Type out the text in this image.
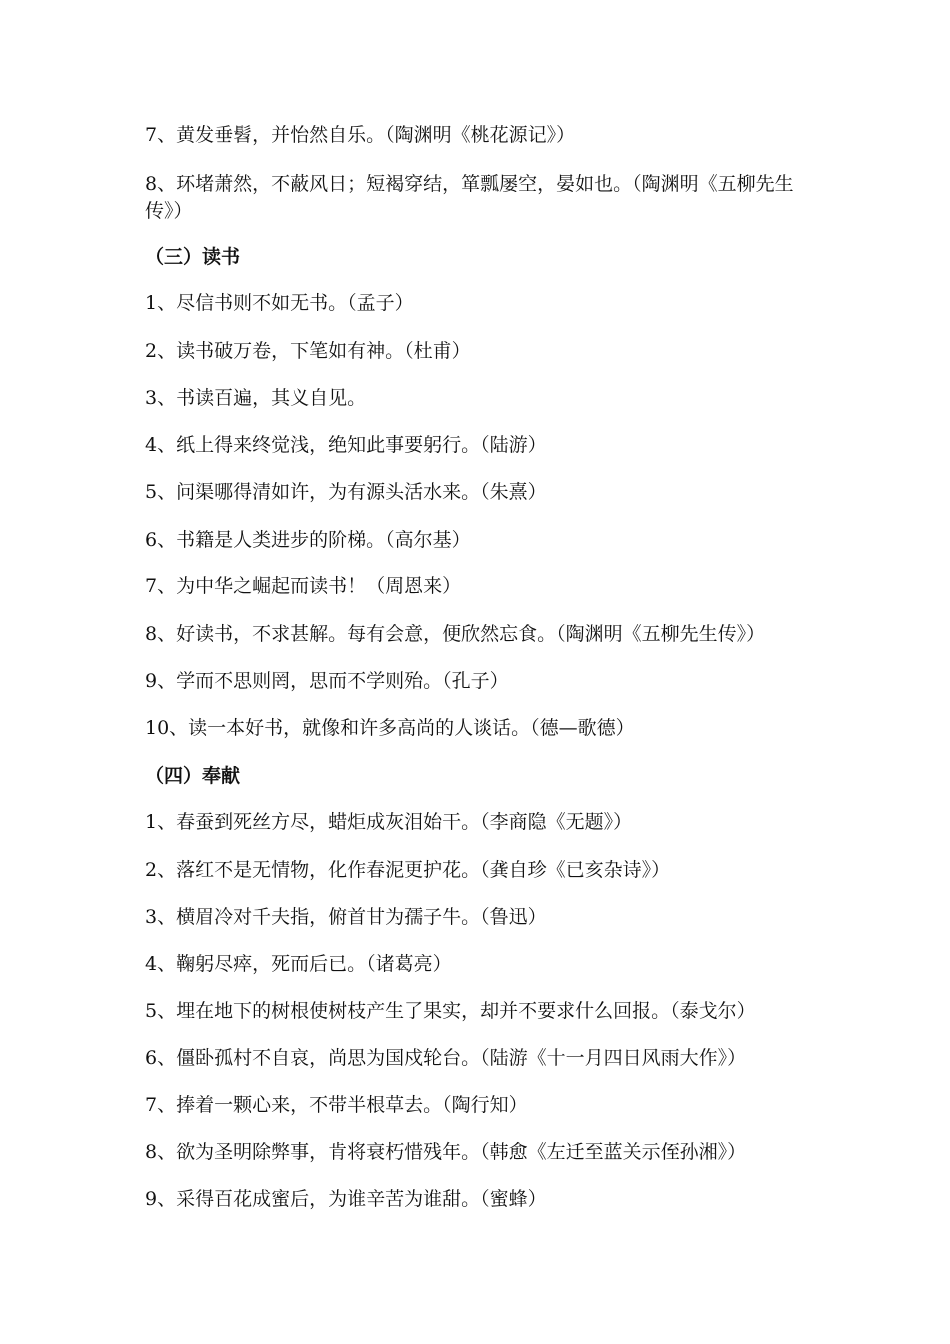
7、黄发垂髫，并怡然自乐。（陶渊明《桃花源记》）
8、环堵萧然，不蔽风日；短褐穿结，箪瓢屡空，晏如也。（陶渊明《五柳先生传》）
（三）读书
1、尽信书则不如无书。（孟子）
2、读书破万卷，下笔如有神。（杜甫）
3、书读百遍，其义自见。
4、纸上得来终觉浅，绝知此事要躬行。（陆游）
5、问渠哪得清如许，为有源头活水来。（朱熹）
6、书籍是人类进步的阶梯。（高尔基）
7、为中华之崛起而读书！（周恩来）
8、好读书，不求甚解。每有会意，便欣然忘食。（陶渊明《五柳先生传》）
9、学而不思则罔，思而不学则殆。（孔子）
10、读一本好书，就像和许多高尚的人谈话。（德—歌德）
（四）奉献
1、春蚕到死丝方尽，蜡炬成灰泪始干。（李商隐《无题》）
2、落红不是无情物，化作春泥更护花。（龚自珍《已亥杂诗》）
3、横眉冷对千夫指，俯首甘为孺子牛。（鲁迅）
4、鞠躬尽瘁，死而后已。（诸葛亮）
5、埋在地下的树根使树枝产生了果实，却并不要求什么回报。（泰戈尔）
6、僵卧孤村不自哀，尚思为国戍轮台。（陆游《十一月四日风雨大作》）
7、捧着一颗心来，不带半根草去。（陶行知）
8、欲为圣明除弊事，肯将衰朽惜残年。（韩愈《左迁至蓝关示侄孙湘》）
9、采得百花成蜜后，为谁辛苦为谁甜。（蜜蜂）
